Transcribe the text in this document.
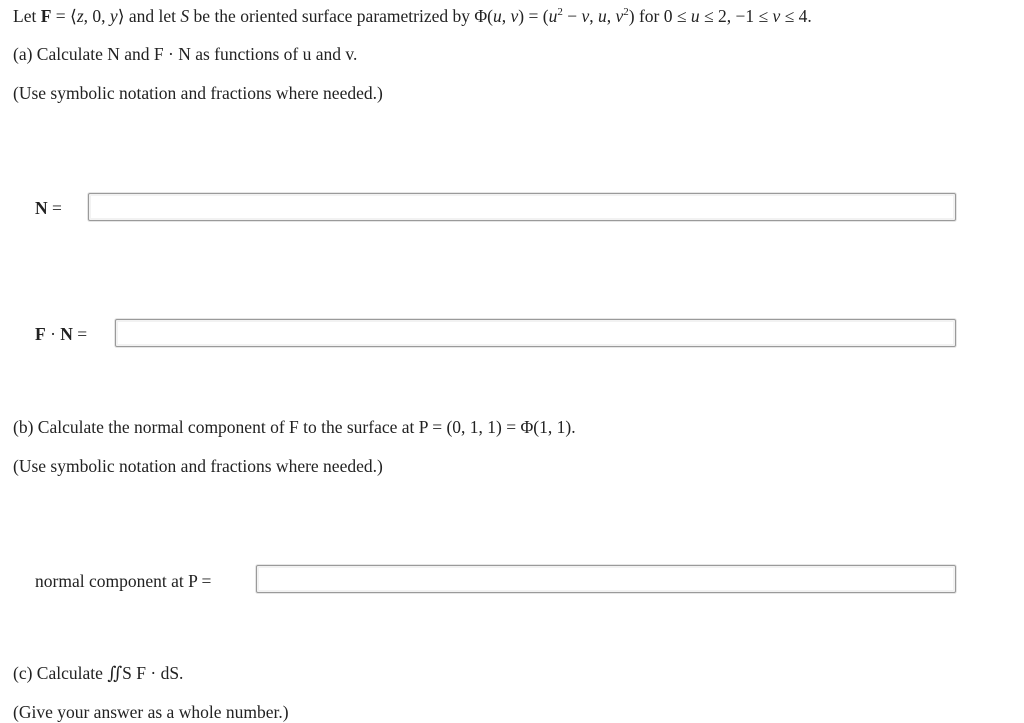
Let F = ⟨z, 0, y⟩ and let S be the oriented surface parametrized by Φ(u, $v) = (u^2 - v$, u, $v^2$) for 0 ≤ u ≤ 2, −1 ≤ v ≤ 4.
(a) Calculate N and F · N as functions of u and v.
(Use symbolic notation and fractions where needed.)
N =
F · N =
(b) Calculate the normal component of F to the surface at P = (0, 1, 1) = Φ(1, 1).
(Use symbolic notation and fractions where needed.)
normal component at P =
(c) Calculate ∬S F · dS.
(Give your answer as a whole number.)
